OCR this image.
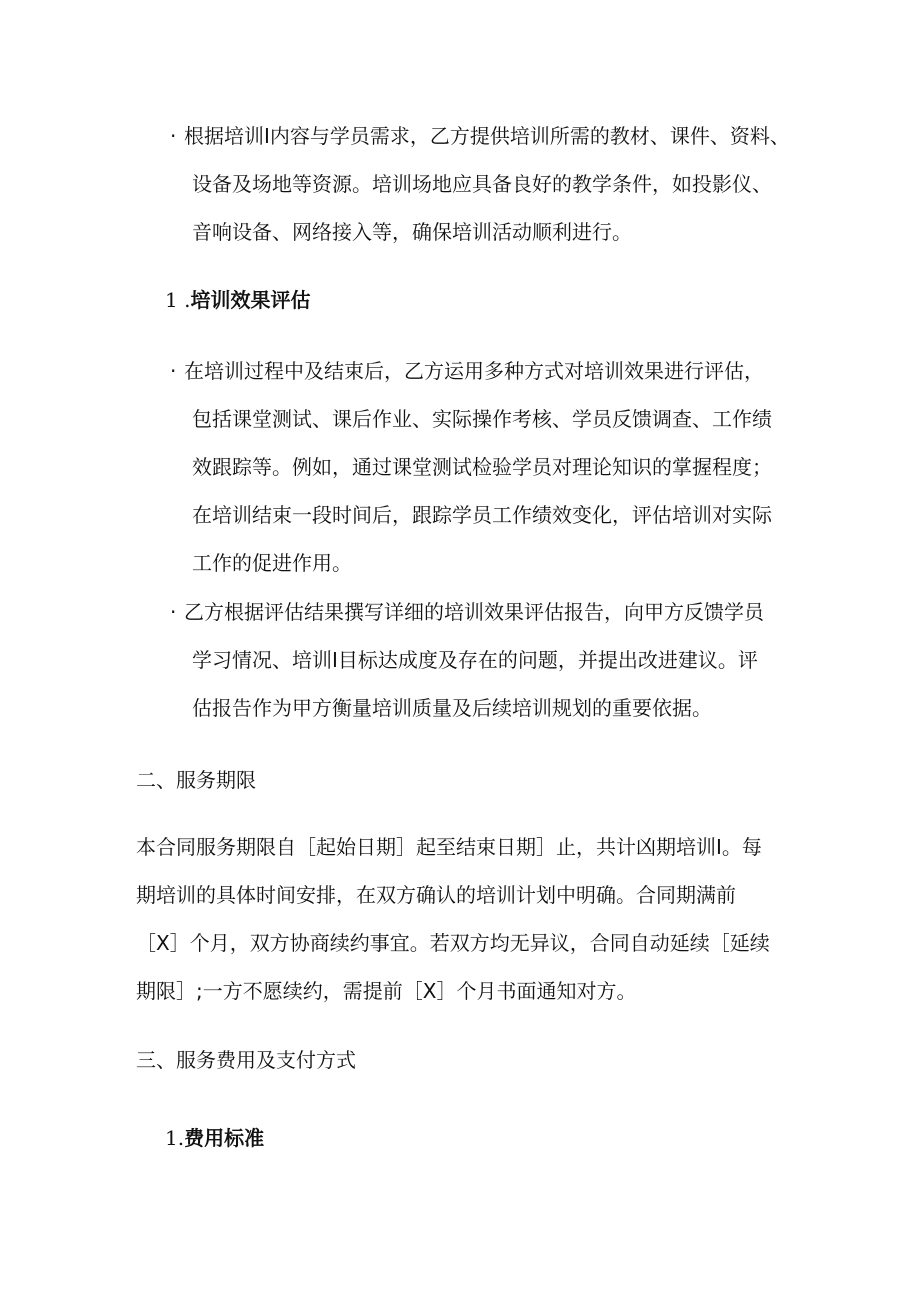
· 根据培训I内容与学员需求，乙方提供培训所需的教材、课件、资料、
设备及场地等资源。培训场地应具备良好的教学条件，如投影仪、
音响设备、网络接入等，确保培训活动顺利进行。
1 .培训效果评估
· 在培训过程中及结束后，乙方运用多种方式对培训效果进行评估，
包括课堂测试、课后作业、实际操作考核、学员反馈调查、工作绩
效跟踪等。例如，通过课堂测试检验学员对理论知识的掌握程度；
在培训结束一段时间后，跟踪学员工作绩效变化，评估培训对实际
工作的促进作用。
· 乙方根据评估结果撰写详细的培训效果评估报告，向甲方反馈学员
学习情况、培训I目标达成度及存在的问题，并提出改进建议。评
估报告作为甲方衡量培训质量及后续培训规划的重要依据。
二、服务期限
本合同服务期限自［起始日期］起至结束日期］止，共计凶期培训I。每
期培训的具体时间安排，在双方确认的培训计划中明确。合同期满前
［X］个月，双方协商续约事宜。若双方均无异议，合同自动延续［延续
期限］;一方不愿续约，需提前［X］个月书面通知对方。
三、服务费用及支付方式
1.费用标准
